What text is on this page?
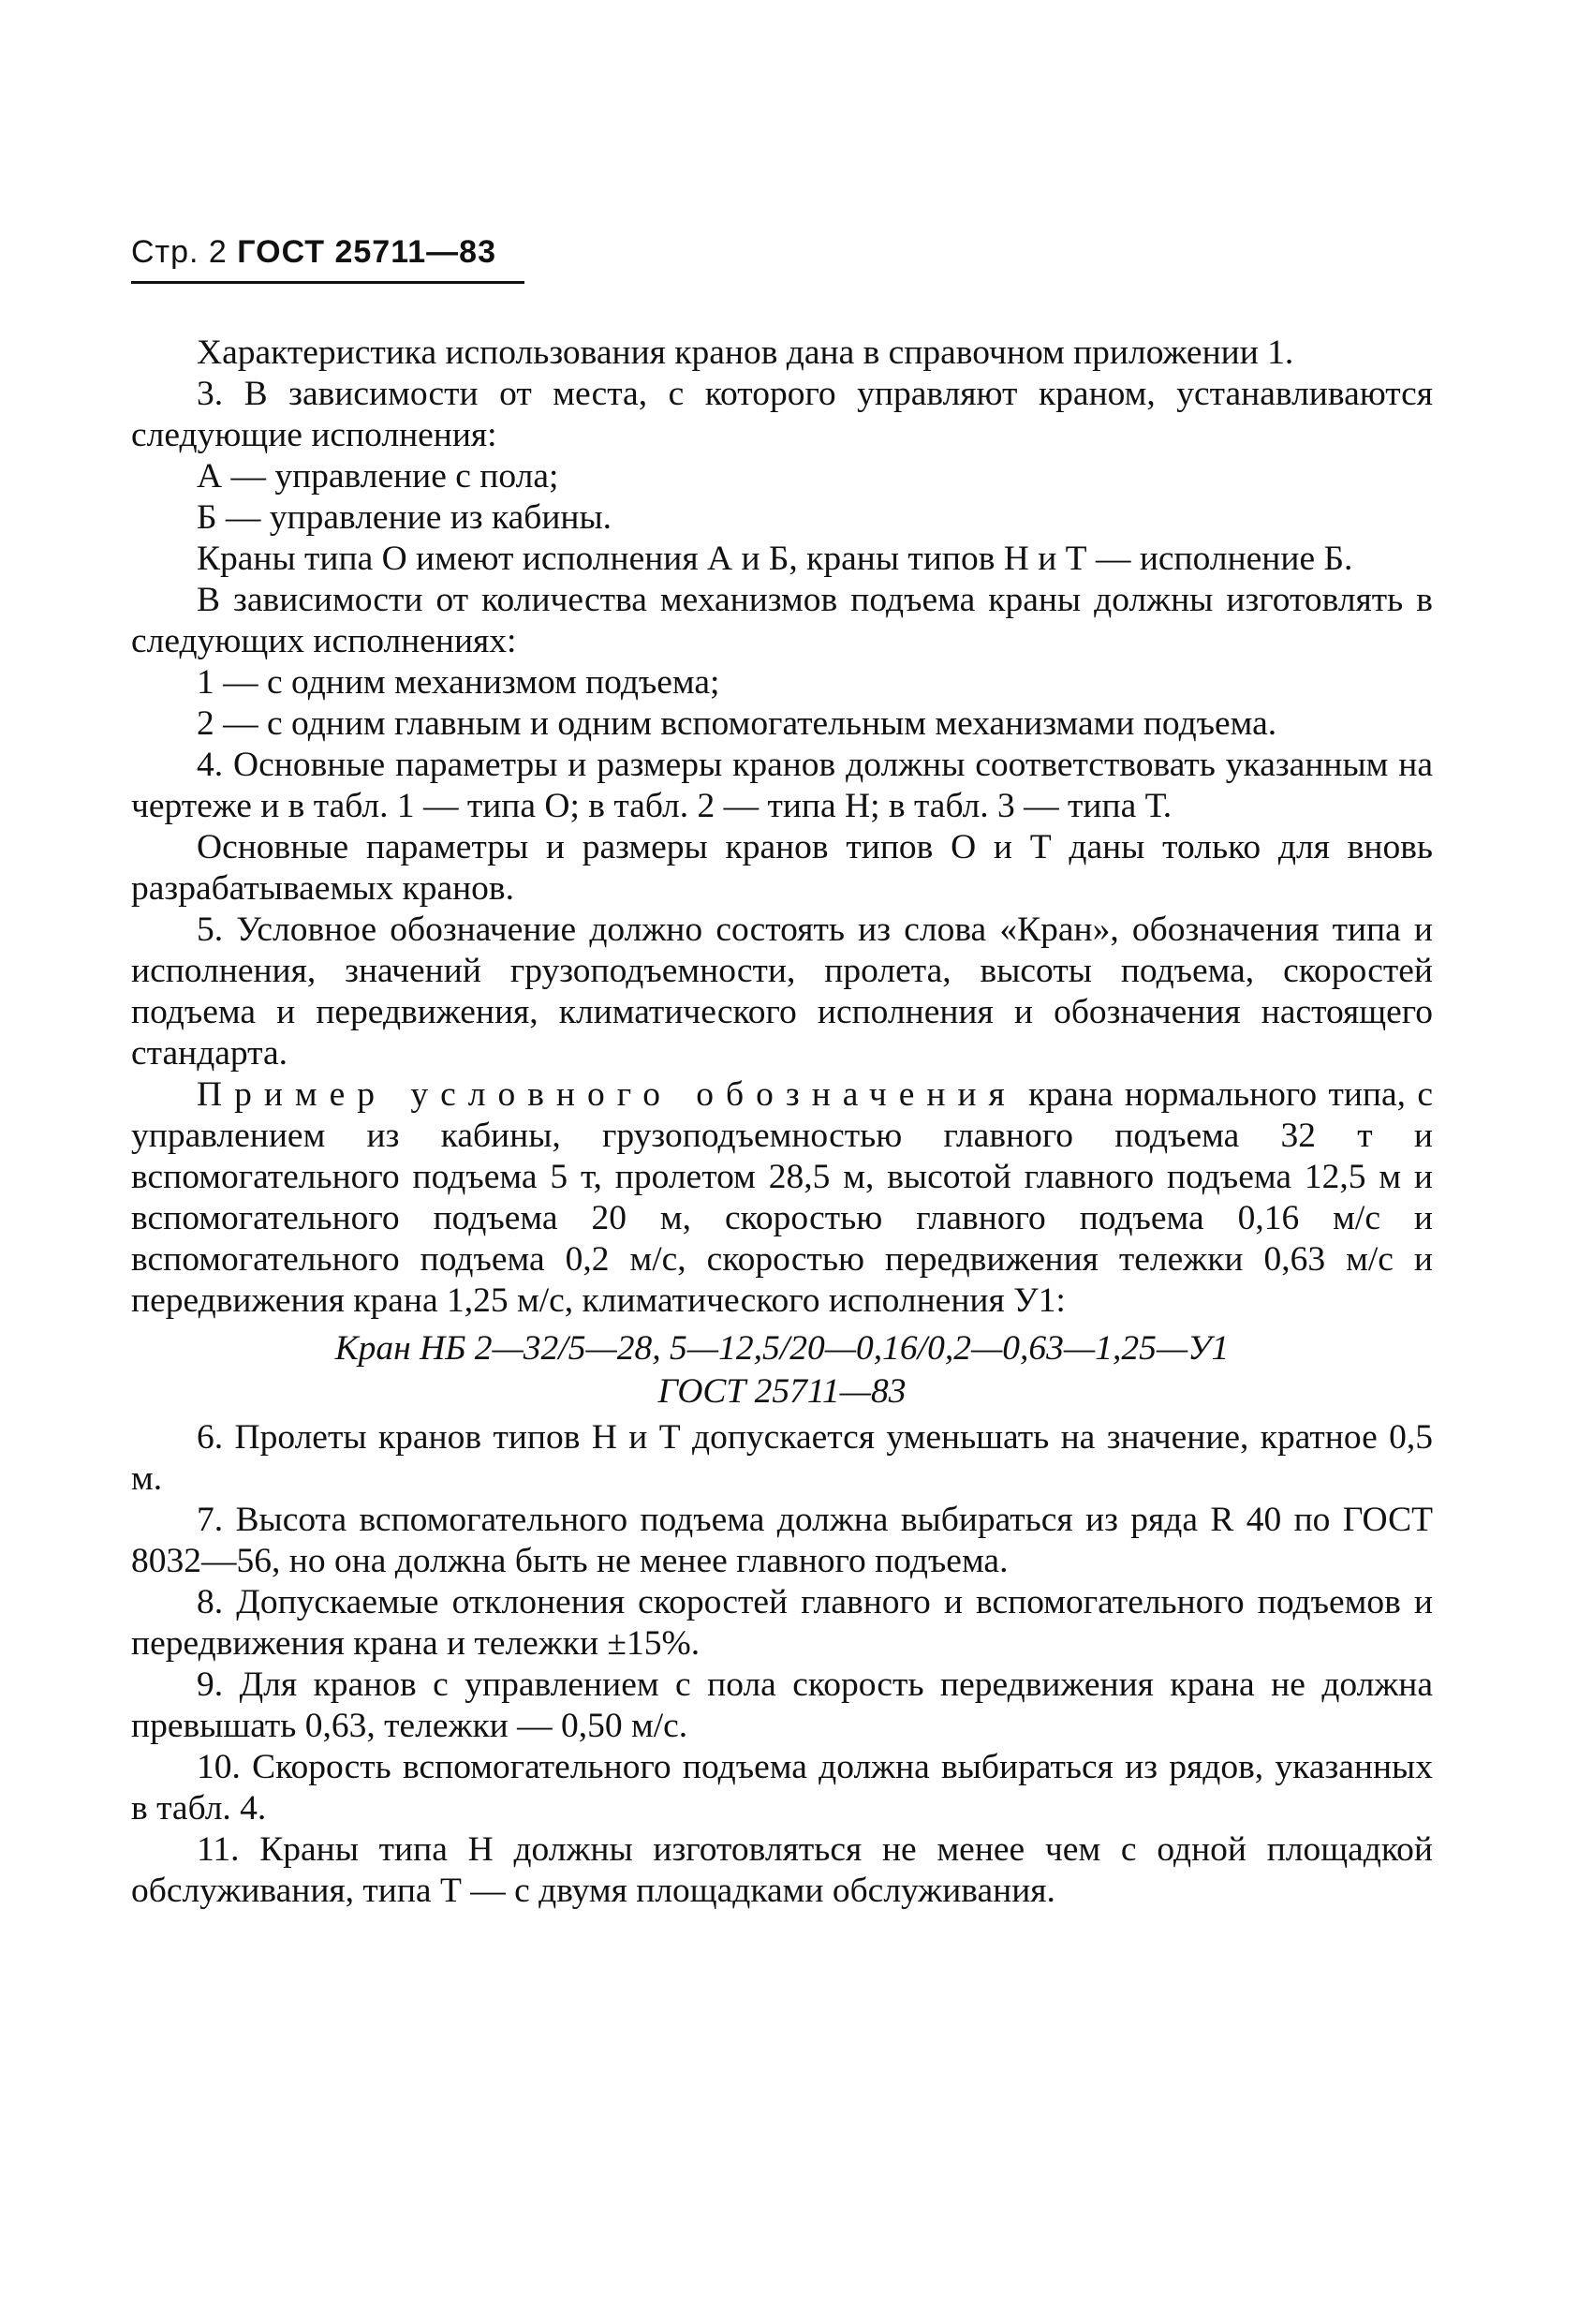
Стр. 2 ГОСТ 25711—83

Характеристика использования кранов дана в справочном приложении 1.

3. В зависимости от места, с которого управляют краном, устанавливаются следующие исполнения:

А — управление с пола;

Б — управление из кабины.

Краны типа О имеют исполнения А и Б, краны типов Н и Т — исполнение Б.

В зависимости от количества механизмов подъема краны должны изготовлять в следующих исполнениях:

1 — с одним механизмом подъема;

2 — с одним главным и одним вспомогательным механизмами подъема.

4. Основные параметры и размеры кранов должны соответствовать указанным на чертеже и в табл. 1 — типа О; в табл. 2 — типа Н; в табл. 3 — типа Т.

Основные параметры и размеры кранов типов О и Т даны только для вновь разрабатываемых кранов.

5. Условное обозначение должно состоять из слова «Кран», обозначения типа и исполнения, значений грузоподъемности, пролета, высоты подъема, скоростей подъема и передвижения, климатического исполнения и обозначения настоящего стандарта.

Пример условного обозначения крана нормального типа, с управлением из кабины, грузоподъемностью главного подъема 32 т и вспомогательного подъема 5 т, пролетом 28,5 м, высотой главного подъема 12,5 м и вспомогательного подъема 20 м, скоростью главного подъема 0,16 м/с и вспомогательного подъема 0,2 м/с, скоростью передвижения тележки 0,63 м/с и передвижения крана 1,25 м/с, климатического исполнения У1:

Кран НБ 2—32/5—28, 5—12,5/20—0,16/0,2—0,63—1,25—У1
ГОСТ 25711—83

6. Пролеты кранов типов Н и Т допускается уменьшать на значение, кратное 0,5 м.

7. Высота вспомогательного подъема должна выбираться из ряда R 40 по ГОСТ 8032—56, но она должна быть не менее главного подъема.

8. Допускаемые отклонения скоростей главного и вспомогательного подъемов и передвижения крана и тележки ±15%.

9. Для кранов с управлением с пола скорость передвижения крана не должна превышать 0,63, тележки — 0,50 м/с.

10. Скорость вспомогательного подъема должна выбираться из рядов, указанных в табл. 4.

11. Краны типа Н должны изготовляться не менее чем с одной площадкой обслуживания, типа Т — с двумя площадками обслуживания.
